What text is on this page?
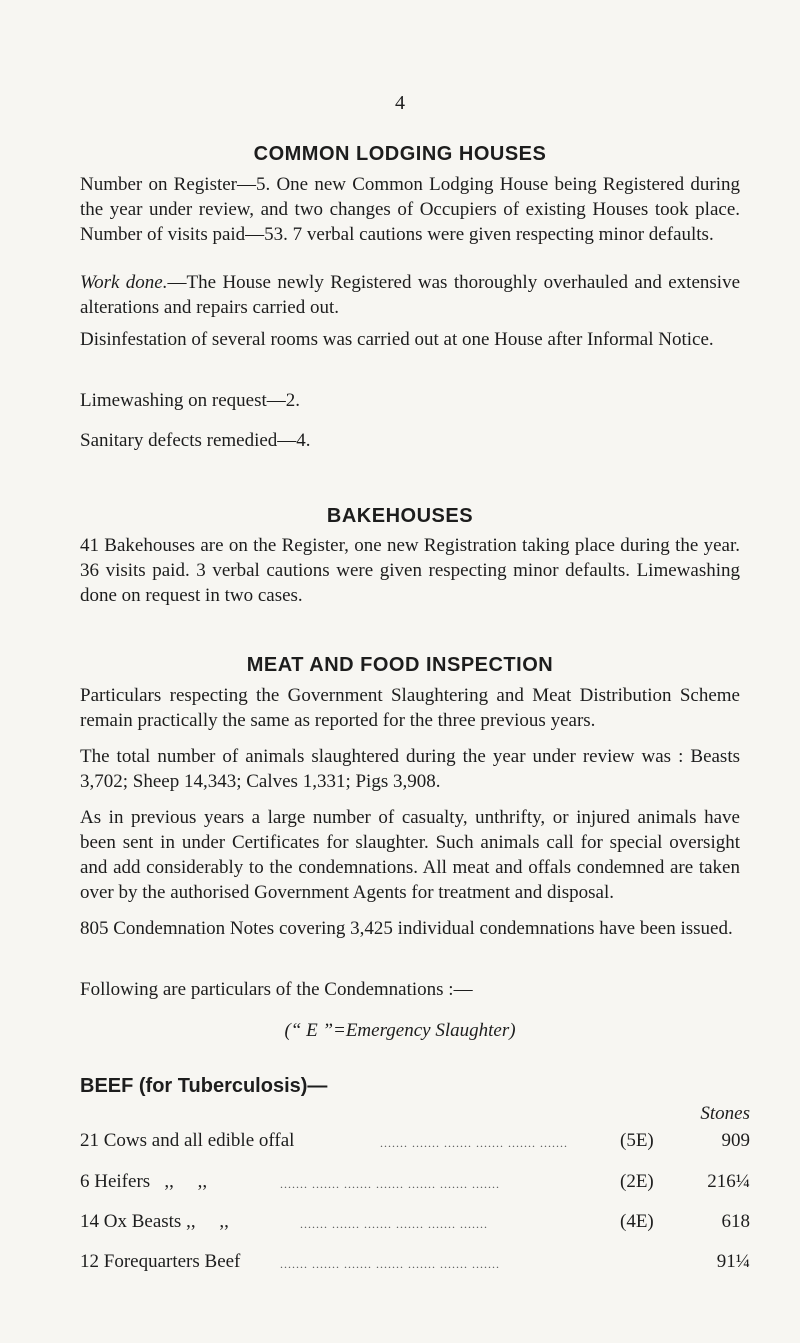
4
COMMON LODGING HOUSES

Number on Register—5. One new Common Lodging House being Registered during the year under review, and two changes of Occupiers of existing Houses took place. Number of visits paid—53. 7 verbal cautions were given respecting minor defaults.

Work done.—The House newly Registered was thoroughly overhauled and extensive alterations and repairs carried out.

Disinfestation of several rooms was carried out at one House after Informal Notice.

Limewashing on request—2.

Sanitary defects remedied—4.

BAKEHOUSES

41 Bakehouses are on the Register, one new Registration taking place during the year. 36 visits paid. 3 verbal cautions were given respecting minor defaults. Limewashing done on request in two cases.

MEAT AND FOOD INSPECTION

Particulars respecting the Government Slaughtering and Meat Distribution Scheme remain practically the same as reported for the three previous years.

The total number of animals slaughtered during the year under review was : Beasts 3,702; Sheep 14,343; Calves 1,331; Pigs 3,908.

As in previous years a large number of casualty, unthrifty, or injured animals have been sent in under Certificates for slaughter. Such animals call for special oversight and add considerably to the condemnations. All meat and offals condemned are taken over by the authorised Government Agents for treatment and disposal.

805 Condemnation Notes covering 3,425 individual condemnations have been issued.

Following are particulars of the Condemnations :—

(“ E ”=Emergency Slaughter)
BEEF (for Tuberculosis)—
Stones
21 Cows and all edible offal	....... ....... ....... ....... ....... .......	(5E)	909
6 Heifers   ,,     ,,	....... ....... ....... ....... ....... ....... .......	(2E)	216¼
14 Ox Beasts ,,     ,,	....... ....... ....... ....... ....... .......	(4E)	618
12 Forequarters Beef	....... ....... ....... ....... ....... ....... .......	91¼
